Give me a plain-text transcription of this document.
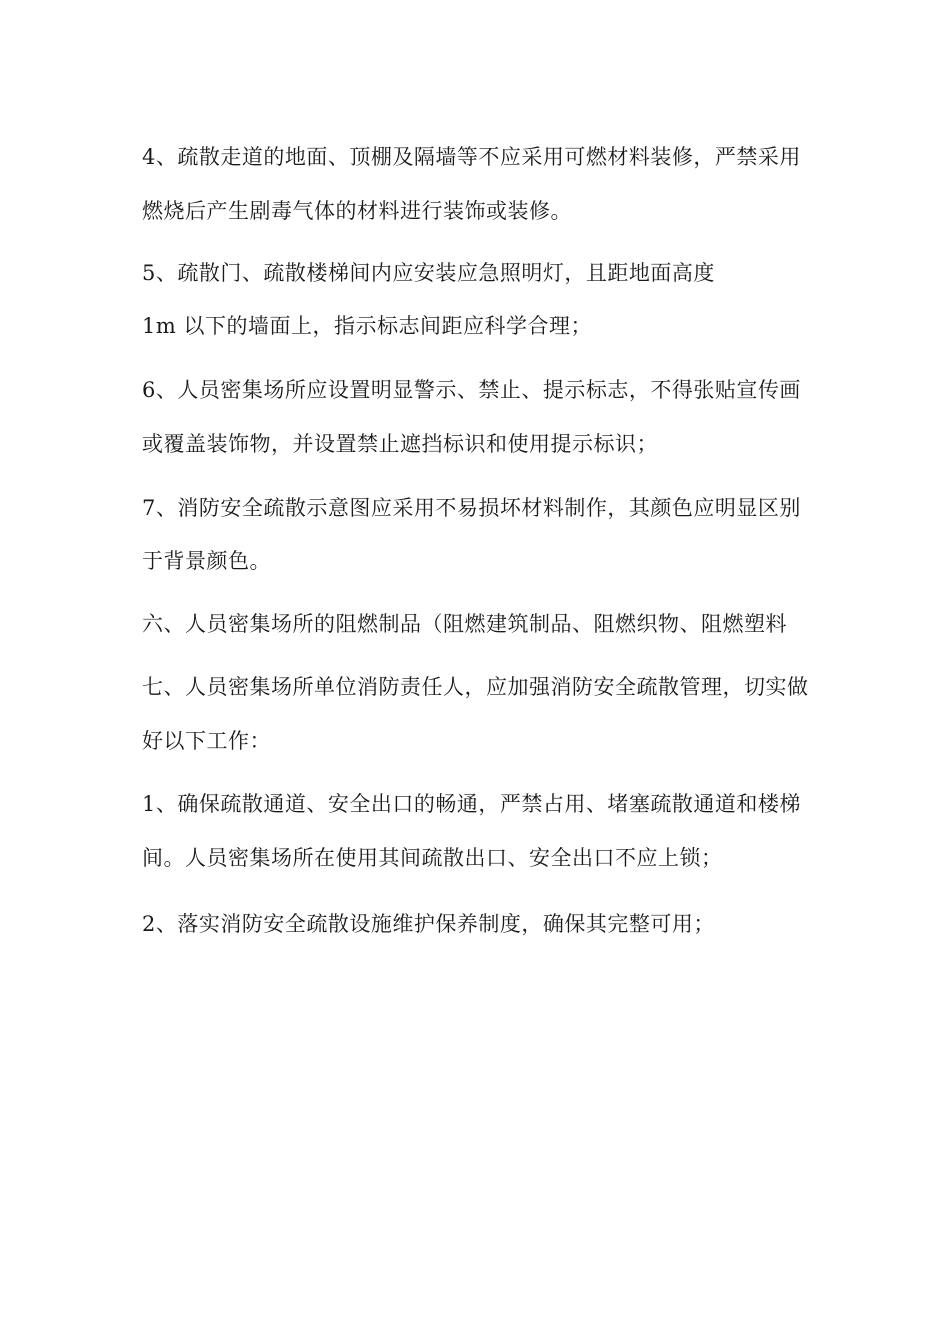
4、疏散走道的地面、顶棚及隔墙等不应采用可燃材料装修，严禁采用
燃烧后产生剧毒气体的材料进行装饰或装修。
5、疏散门、疏散楼梯间内应安装应急照明灯，且距地面高度
1m 以下的墙面上，指示标志间距应科学合理；
6、人员密集场所应设置明显警示、禁止、提示标志，不得张贴宣传画
或覆盖装饰物，并设置禁止遮挡标识和使用提示标识；
7、消防安全疏散示意图应采用不易损坏材料制作，其颜色应明显区别
于背景颜色。
六、人员密集场所的阻燃制品（阻燃建筑制品、阻燃织物、阻燃塑料
七、人员密集场所单位消防责任人，应加强消防安全疏散管理，切实做
好以下工作：
1、确保疏散通道、安全出口的畅通，严禁占用、堵塞疏散通道和楼梯
间。人员密集场所在使用其间疏散出口、安全出口不应上锁；
2、落实消防安全疏散设施维护保养制度，确保其完整可用；
